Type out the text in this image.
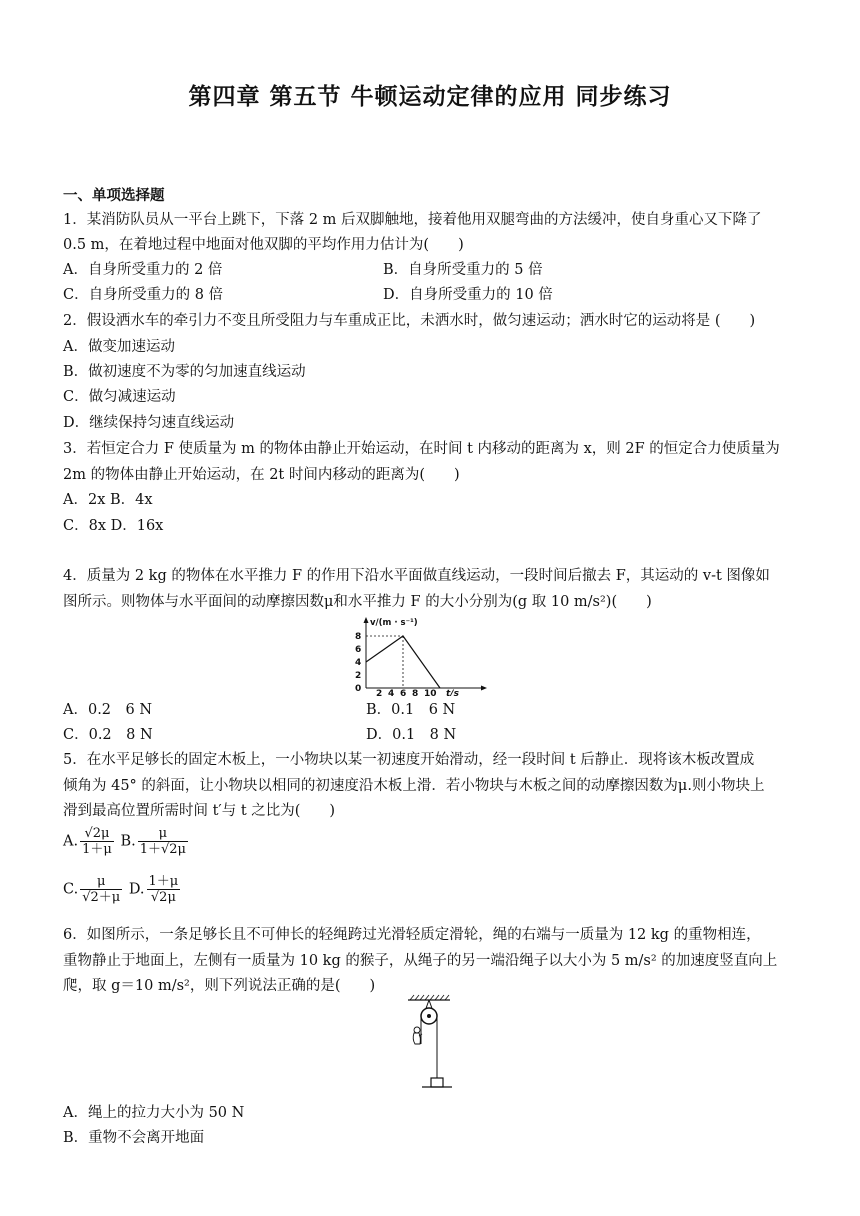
第四章 第五节 牛顿运动定律的应用 同步练习
一、单项选择题
1．某消防队员从一平台上跳下，下落 2 m 后双脚触地，接着他用双腿弯曲的方法缓冲，使自身重心又下降了
0.5 m，在着地过程中地面对他双脚的平均作用力估计为(　　)
A．自身所受重力的 2 倍	B．自身所受重力的 5 倍
C．自身所受重力的 8 倍	D．自身所受重力的 10 倍
2．假设洒水车的牵引力不变且所受阻力与车重成正比，未洒水时，做匀速运动；洒水时它的运动将是 (　　)
A．做变加速运动
B．做初速度不为零的匀加速直线运动
C．做匀减速运动
D．继续保持匀速直线运动
3．若恒定合力 F 使质量为 m 的物体由静止开始运动，在时间 t 内移动的距离为 x，则 2F 的恒定合力使质量为
2m 的物体由静止开始运动，在 2t 时间内移动的距离为(　　)
A．2x B．4x
C．8x D．16x
4．质量为 2 kg 的物体在水平推力 F 的作用下沿水平面做直线运动，一段时间后撤去 F，其运动的 v-t 图像如
图所示。则物体与水平面间的动摩擦因数μ和水平推力 F 的大小分别为(g 取 10 m/s²)(　　)
v/(m · s⁻¹)
8
6
4
2
0 2 4 6 8 10 t/s
A．0.2　6 N	B．0.1　6 N
C．0.2　8 N	D．0.1　8 N
5．在水平足够长的固定木板上，一小物块以某一初速度开始滑动，经一段时间 t 后静止．现将该木板改置成
倾角为 45° 的斜面，让小物块以相同的初速度沿木板上滑．若小物块与木板之间的动摩擦因数为μ.则小物块上
滑到最高位置所需时间 t′与 t 之比为(　　)
A. $\frac{√2\mu}{1+\mu} B$. $\frac{\mu}{1+√2\mu}$
C. $\frac{\mu}{√2+\mu} D$. $\frac{1+\mu}{√2\mu}$
6．如图所示，一条足够长且不可伸长的轻绳跨过光滑轻质定滑轮，绳的右端与一质量为 12 kg 的重物相连，
重物静止于地面上，左侧有一质量为 10 kg 的猴子，从绳子的另一端沿绳子以大小为 5 m/s² 的加速度竖直向上
爬，取 g＝10 m/s²，则下列说法正确的是(　　)
A．绳上的拉力大小为 50 N
B．重物不会离开地面
